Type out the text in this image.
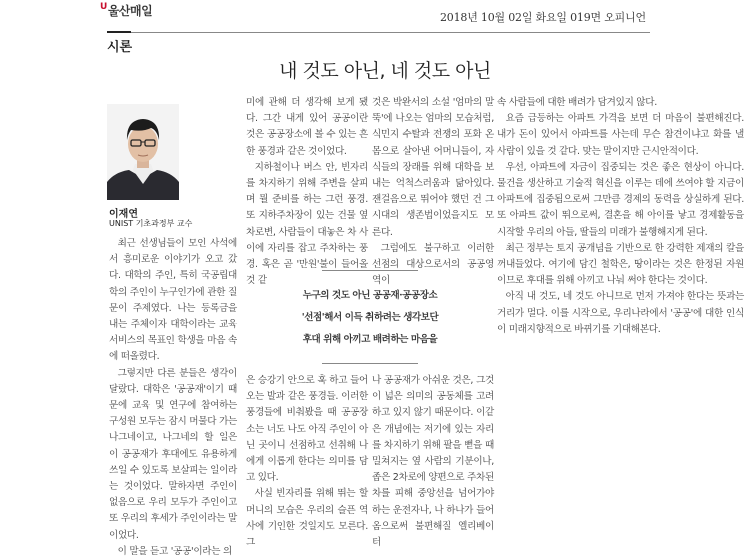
$^U$울산매일	2018년 10월 02일 화요일 019면 오피니언
시론
내 것도 아닌, 네 것도 아닌
이재연
UNIST 기초과정부 교수

최근 선생님들이 모인 사석에서 흥미로운 이야기가 오고 갔다. 대학의 주인, 특히 국공립대학의 주인이 누구인가에 관한 질문이 주제였다. 나는 등록금을 내는 주체이자 대학이라는 교육서비스의 목표인 학생을 마음 속에 떠올렸다.

그렇지만 다른 분들은 생각이 달랐다. 대학은 '공공재'이기 때문에 교육 및 연구에 참여하는 구성원 모두는 잠시 머물다 가는 나그네이고, 나그네의 할 일은 이 공공재가 후대에도 유용하게 쓰일 수 있도록 보살피는 일이라는 것이었다. 말하자면 주인이 없음으로 우리 모두가 주인이고 또 우리의 후세가 주인이라는 말이었다.

이 말을 듣고 '공공'이라는 의

미에 관해 더 생각해 보게 됐다. 그간 내게 있어 공공이란 것은 공공장소에 볼 수 있는 흔한 풍경과 같은 것이었다.

지하철이나 버스 안, 빈자리를 차지하기 위해 주변을 살피며 뭘 준비를 하는 그런 풍경. 또 지하주차장이 있는 건물 옆 차로변, 사람들이 대놓은 차 사이에 자리를 잡고 주차하는 풍경. 혹은 곧 '만원'불이 들어올 것 같

누구의 것도 아닌 공공재·공공장소
'선점'해서 이득 취하려는 생각보단
후대 위해 아끼고 배려하는 마음을

은 승강기 안으로 훅 하고 들어오는 발과 같은 풍경들. 이러한 풍경들에 비춰봤을 때 공공장소는 너도 나도 아직 주인이 아닌 곳이니 선점하고 선취해 나에게 이롭게 한다는 의미를 담고 있다.

사실 빈자리를 위해 뛰는 할머니의 모습은 우리의 슬픈 역사에 기인한 것일지도 모른다. 그

것은 박완서의 소설 '엄마의 말뚝'에 나오는 엄마의 모습처럼, 식민지 수탈과 전쟁의 포화 온몸으로 살아낸 어머니들이, 자식들의 장래를 위해 대학을 보내는 억척스러움과 닮아있다. 잰걸음으로 뛰어야 했던 건 그 시대의 생존법이었을지도 모른다.

그럼에도 불구하고 이러한 선점의 대상으로서의 공공영역이

나 공공재가 아쉬운 것은, 그것이 넓은 의미의 공동체를 고려하고 있지 않기 때문이다. 이같은 개념에는 저기에 있는 자리를 차지하기 위해 팔을 뻗을 때 밀쳐지는 옆 사람의 기분이나, 좁은 2차로에 양편으로 주차된 차를 피해 중앙선을 넘어가야 하는 운전자나, 나 하나가 들어옴으로써 불편해질 엘리베이터

속 사람들에 대한 배려가 담겨있지 않다.

요즘 급등하는 아파트 가격을 보면 더 마음이 불편해진다. 내가 돈이 있어서 아파트를 사는데 무슨 참견이냐고 화를 낼 사람이 있을 것 같다. 맞는 말이지만 근시안적이다.

우선, 아파트에 자금이 집중되는 것은 좋은 현상이 아니다. 물건을 생산하고 기술적 혁신을 이루는 데에 쓰여야 할 지금이 아파트에 집중됨으로써 그만큼 경제의 동력을 상실하게 된다. 또 아파트 값이 뛰으로써, 결혼을 해 아이를 낳고 경제활동을 시작할 우리의 아들, 딸들의 미래가 불행해지게 된다.

최근 정부는 토지 공개념을 기반으로 한 강력한 제재의 칼을 꺼내들었다. 여기에 담긴 철학은, 땅이라는 것은 한정된 자원이므로 후대를 위해 아끼고 나눠 써야 한다는 것이다.

아직 내 것도, 네 것도 아니므로 먼저 가져야 한다는 뜻과는 거리가 멀다. 이를 시작으로, 우리나라에서 '공공'에 대한 인식이 미래지향적으로 바뀌기를 기대해본다.
